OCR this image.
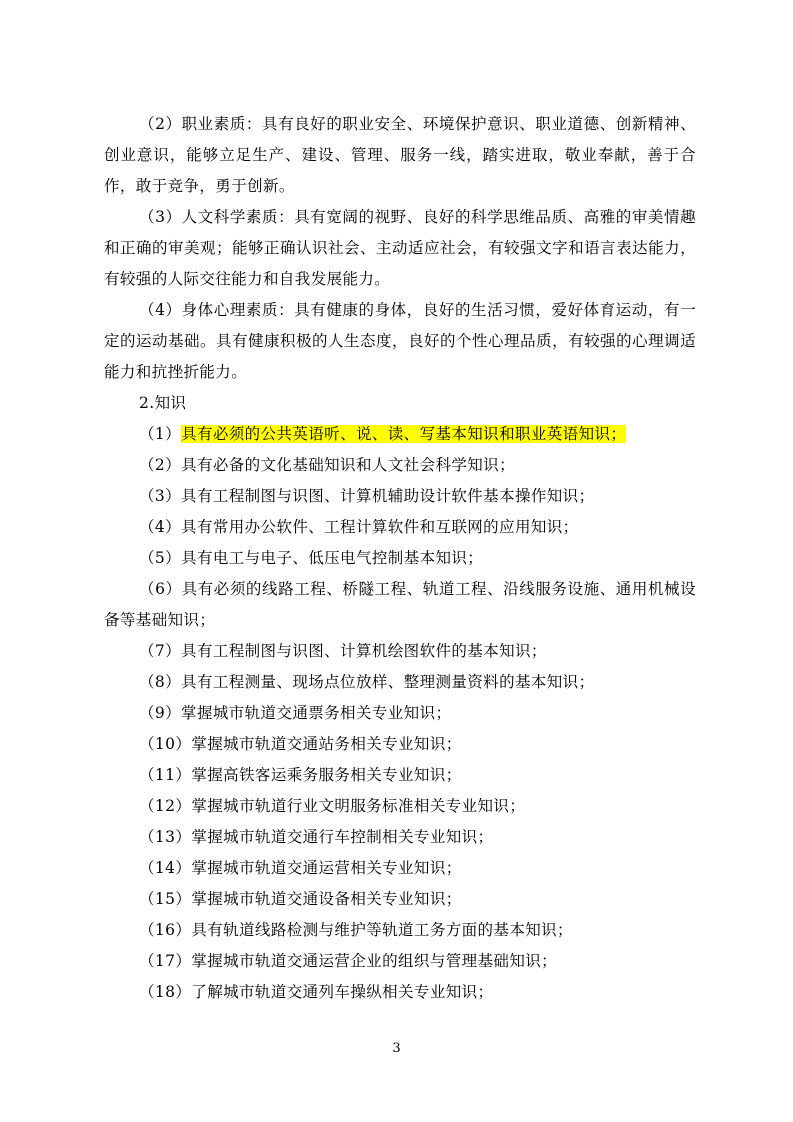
（2）职业素质：具有良好的职业安全、环境保护意识、职业道德、创新精神、创业意识，能够立足生产、建设、管理、服务一线，踏实进取，敬业奉献，善于合作，敢于竞争，勇于创新。

（3）人文科学素质：具有宽阔的视野、良好的科学思维品质、高雅的审美情趣和正确的审美观；能够正确认识社会、主动适应社会，有较强文字和语言表达能力，有较强的人际交往能力和自我发展能力。

（4）身体心理素质：具有健康的身体，良好的生活习惯，爱好体育运动，有一定的运动基础。具有健康积极的人生态度，良好的个性心理品质，有较强的心理调适能力和抗挫折能力。

2.知识

（1）具有必须的公共英语听、说、读、写基本知识和职业英语知识；

（2）具有必备的文化基础知识和人文社会科学知识；

（3）具有工程制图与识图、计算机辅助设计软件基本操作知识；

（4）具有常用办公软件、工程计算软件和互联网的应用知识；

（5）具有电工与电子、低压电气控制基本知识；

（6）具有必须的线路工程、桥隧工程、轨道工程、沿线服务设施、通用机械设备等基础知识；

（7）具有工程制图与识图、计算机绘图软件的基本知识；

（8）具有工程测量、现场点位放样、整理测量资料的基本知识；

（9）掌握城市轨道交通票务相关专业知识；

（10）掌握城市轨道交通站务相关专业知识；

（11）掌握高铁客运乘务服务相关专业知识；

（12）掌握城市轨道行业文明服务标准相关专业知识；

（13）掌握城市轨道交通行车控制相关专业知识；

（14）掌握城市轨道交通运营相关专业知识；

（15）掌握城市轨道交通设备相关专业知识；

（16）具有轨道线路检测与维护等轨道工务方面的基本知识；

（17）掌握城市轨道交通运营企业的组织与管理基础知识；

（18）了解城市轨道交通列车操纵相关专业知识；

3
